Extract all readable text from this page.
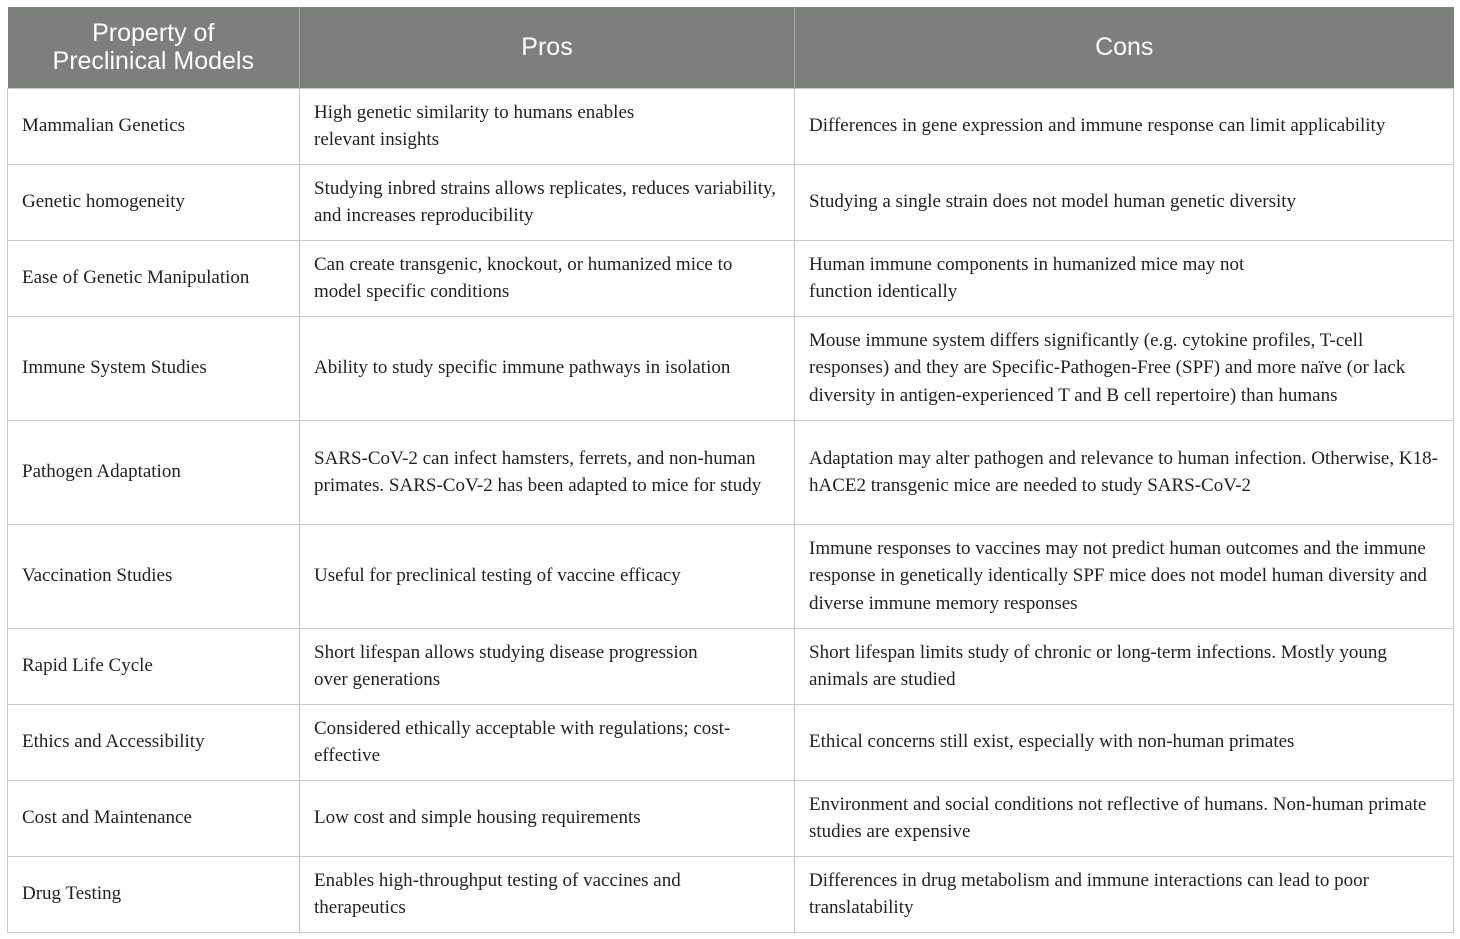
Property of Preclinical Models	Pros	Cons
Mammalian Genetics	High genetic similarity to humans enables relevant insights	Differences in gene expression and immune response can limit applicability
Genetic homogeneity	Studying inbred strains allows replicates, reduces variability, and increases reproducibility	Studying a single strain does not model human genetic diversity
Ease of Genetic Manipulation	Can create transgenic, knockout, or humanized mice to model specific conditions	Human immune components in humanized mice may not function identically
Immune System Studies	Ability to study specific immune pathways in isolation	Mouse immune system differs significantly (e.g. cytokine profiles, T-cell responses) and they are Specific-Pathogen-Free (SPF) and more naïve (or lack diversity in antigen-experienced T and B cell repertoire) than humans
Pathogen Adaptation	SARS-CoV-2 can infect hamsters, ferrets, and non-human primates. SARS-CoV-2 has been adapted to mice for study	Adaptation may alter pathogen and relevance to human infection. Otherwise, K18-hACE2 transgenic mice are needed to study SARS-CoV-2
Vaccination Studies	Useful for preclinical testing of vaccine efficacy	Immune responses to vaccines may not predict human outcomes and the immune response in genetically identically SPF mice does not model human diversity and diverse immune memory responses
Rapid Life Cycle	Short lifespan allows studying disease progression over generations	Short lifespan limits study of chronic or long-term infections. Mostly young animals are studied
Ethics and Accessibility	Considered ethically acceptable with regulations; cost-effective	Ethical concerns still exist, especially with non-human primates
Cost and Maintenance	Low cost and simple housing requirements	Environment and social conditions not reflective of humans. Non-human primate studies are expensive
Drug Testing	Enables high-throughput testing of vaccines and therapeutics	Differences in drug metabolism and immune interactions can lead to poor translatability
